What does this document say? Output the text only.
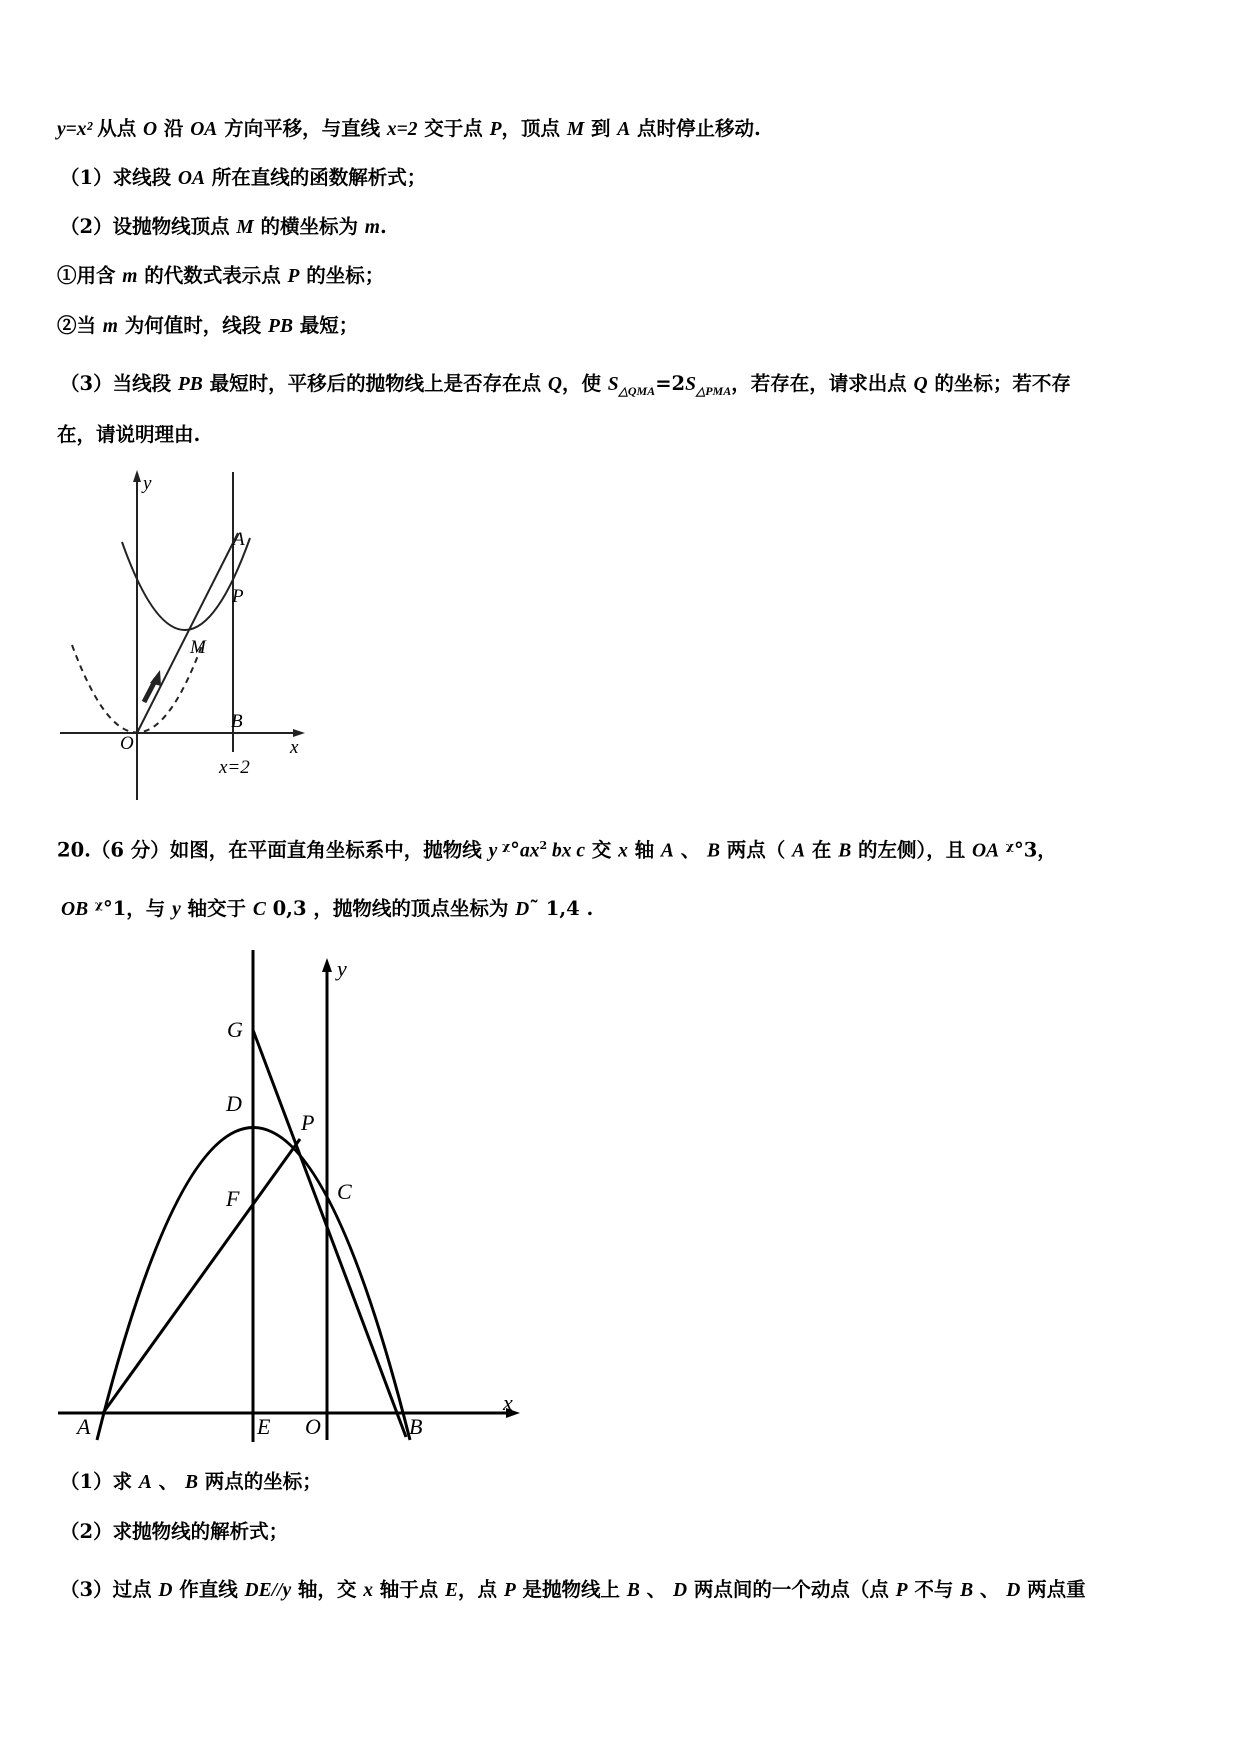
y=x² 从点 O 沿 OA 方向平移，与直线 x=2 交于点 P，顶点 M 到 A 点时停止移动.
（1）求线段 OA 所在直线的函数解析式；
（2）设抛物线顶点 M 的横坐标为 m.
①用含 m 的代数式表示点 P 的坐标；
②当 m 为何值时，线段 PB 最短；
（3）当线段 PB 最短时，平移后的抛物线上是否存在点 Q，使 $S_{\triangle QMA}=2S_{\triangle PMA}$，若存在，请求出点 Q 的坐标；若不存
在，请说明理由.
y
A
P
M
B
O	x
x=2
20.（6 分）如图，在平面直角坐标系中，抛物线 y $ᵡ^\circ ax^2$ bx c 交 x 轴 A 、 B 两点（ A 在 B 的左侧），且 OA ᵡ°3，
OB ᵡ°1，与 y 轴交于 C 0,3 ，抛物线的顶点坐标为 D˜ 1,4 .
y
x
G
D
P
F	C
A	E O	B
（1）求 A 、 B 两点的坐标；
（2）求抛物线的解析式；
（3）过点 D 作直线 DE//y 轴，交 x 轴于点 E，点 P 是抛物线上 B 、 D 两点间的一个动点（点 P 不与 B 、 D 两点重
